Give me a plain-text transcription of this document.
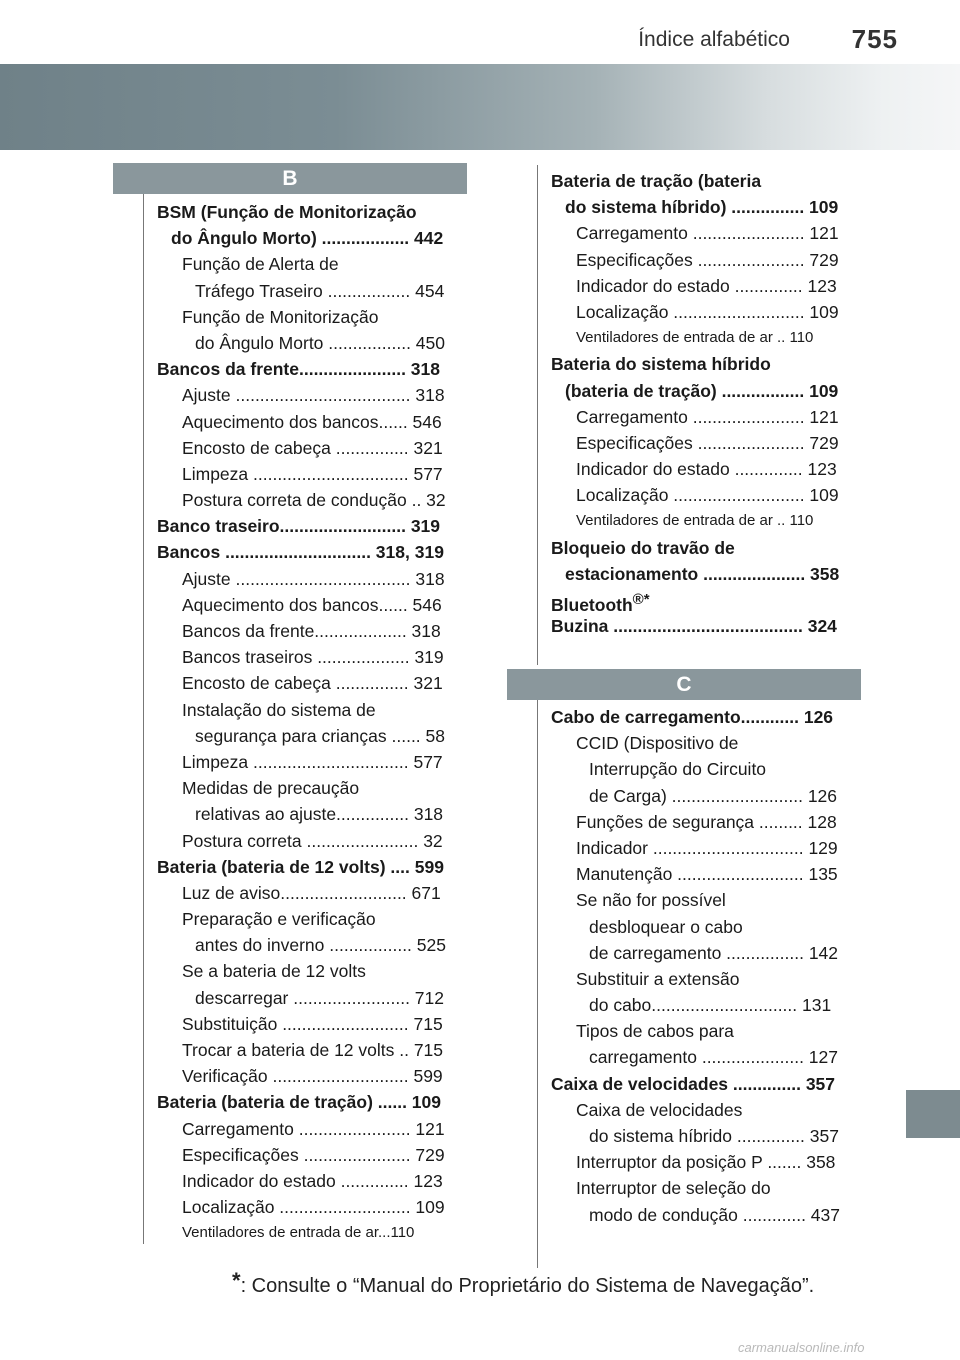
Índice alfabético 755
B
C
BSM (Função de Monitorização
do Ângulo Morto) .................. 442
Função de Alerta de
Tráfego Traseiro ................. 454
Função de Monitorização
do Ângulo Morto ................. 450
Bancos da frente...................... 318
Ajuste .................................... 318
Aquecimento dos bancos...... 546
Encosto de cabeça ............... 321
Limpeza ................................ 577
Postura correta de condução .. 32
Banco traseiro.......................... 319
Bancos .............................. 318, 319
Ajuste .................................... 318
Aquecimento dos bancos...... 546
Bancos da frente................... 318
Bancos traseiros ................... 319
Encosto de cabeça ............... 321
Instalação do sistema de
segurança para crianças ...... 58
Limpeza ................................ 577
Medidas de precaução
relativas ao ajuste............... 318
Postura correta ....................... 32
Bateria (bateria de 12 volts) .... 599
Luz de aviso.......................... 671
Preparação e verificação
antes do inverno ................. 525
Se a bateria de 12 volts
descarregar ........................ 712
Substituição .......................... 715
Trocar a bateria de 12 volts .. 715
Verificação ............................ 599
Bateria (bateria de tração) ...... 109
Carregamento ....................... 121
Especificações ...................... 729
Indicador do estado .............. 123
Localização ........................... 109
Ventiladores de entrada de ar...110
Bateria de tração (bateria
do sistema híbrido) ............... 109
Carregamento ....................... 121
Especificações ...................... 729
Indicador do estado .............. 123
Localização ........................... 109
Ventiladores de entrada de ar .. 110
Bateria do sistema híbrido
(bateria de tração) ................. 109
Carregamento ....................... 121
Especificações ...................... 729
Indicador do estado .............. 123
Localização ........................... 109
Ventiladores de entrada de ar .. 110
Bloqueio do travão de
estacionamento ..................... 358
Bluetooth®*
Buzina ....................................... 324
Cabo de carregamento............ 126
CCID (Dispositivo de
Interrupção do Circuito
de Carga) ........................... 126
Funções de segurança ......... 128
Indicador ............................... 129
Manutenção .......................... 135
Se não for possível
desbloquear o cabo
de carregamento ................ 142
Substituir a extensão
do cabo.............................. 131
Tipos de cabos para
carregamento ..................... 127
Caixa de velocidades .............. 357
Caixa de velocidades
do sistema híbrido .............. 357
Interruptor da posição P ....... 358
Interruptor de seleção do
modo de condução ............. 437
*: Consulte o “Manual do Proprietário do Sistema de Navegação”.
carmanualsonline.info
